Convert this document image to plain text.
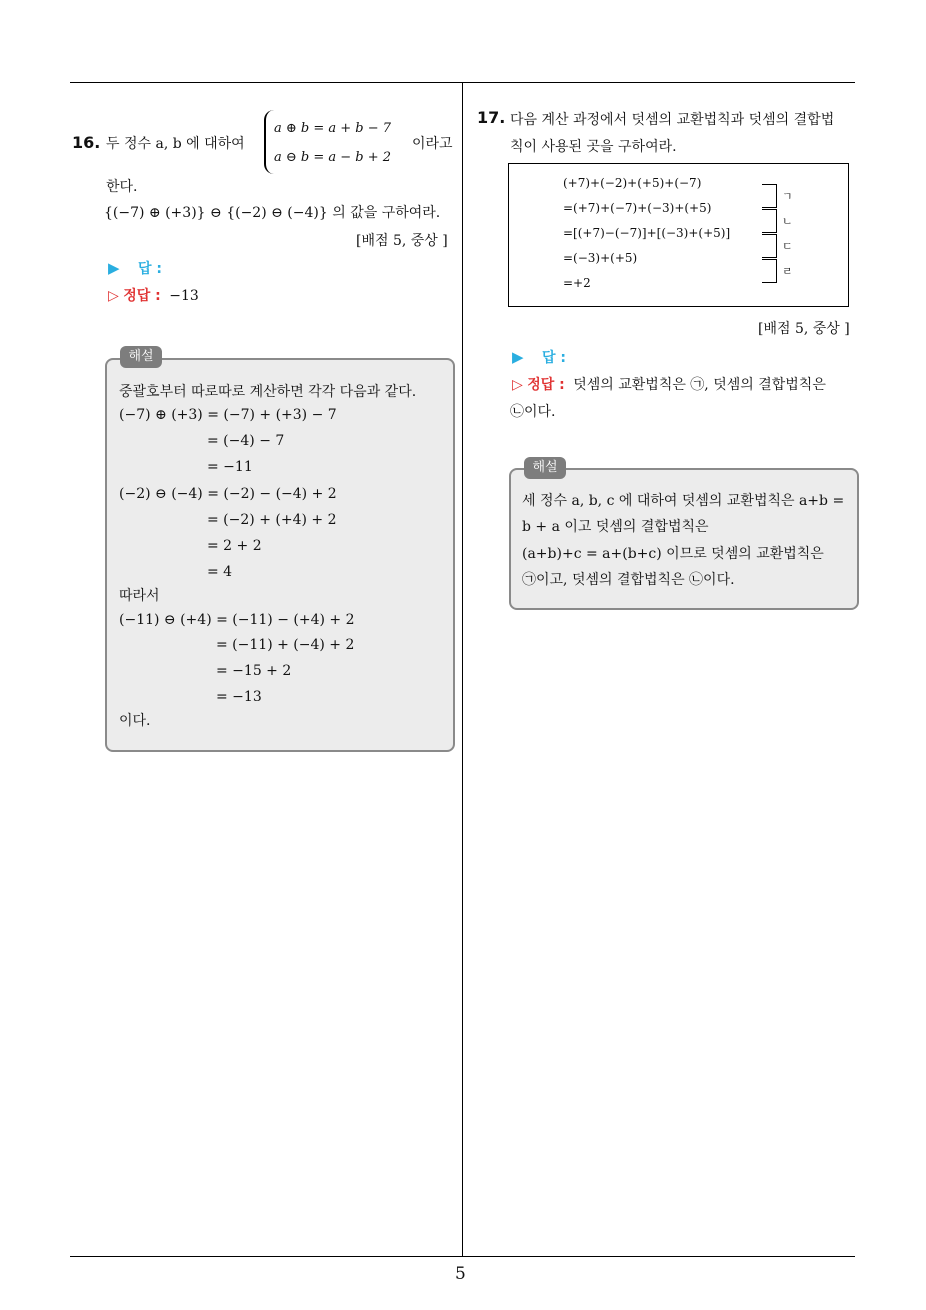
5
16. 두 정수 a, b 에 대하여
a ⊕ b = a + b − 7
a ⊖ b = a − b + 2
이라고
한다.
{(−7) ⊕ (+3)} ⊖ {(−2) ⊖ (−4)} 의 값을 구하여라.
[배점 5, 중상 ]
▶ 답 :
▷ 정답 : −13
해설
중괄호부터 따로따로 계산하면 각각 다음과 같다.
(−7) ⊕ (+3) = (−7) + (+3) − 7
= (−4) − 7
= −11
(−2) ⊖ (−4) = (−2) − (−4) + 2
= (−2) + (+4) + 2
= 2 + 2
= 4
따라서
(−11) ⊖ (+4) = (−11) − (+4) + 2
= (−11) + (−4) + 2
= −15 + 2
= −13
이다.
17. 다음 계산 과정에서 덧셈의 교환법칙과 덧셈의 결합법
칙이 사용된 곳을 구하여라.
(+7)+(−2)+(+5)+(−7)
=(+7)+(−7)+(−3)+(+5)
=[(+7)−(−7)]+[(−3)+(+5)]
=(−3)+(+5)
=+2
ㄱ
ㄴ
ㄷ
ㄹ
[배점 5, 중상 ]
▶ 답 :
▷ 정답 : 덧셈의 교환법칙은 ㉠, 덧셈의 결합법칙은
㉡이다.
해설
세 정수 a, b, c 에 대하여 덧셈의 교환법칙은 a+b =
b + a 이고 덧셈의 결합법칙은
(a+b)+c = a+(b+c) 이므로 덧셈의 교환법칙은
㉠이고, 덧셈의 결합법칙은 ㉡이다.
